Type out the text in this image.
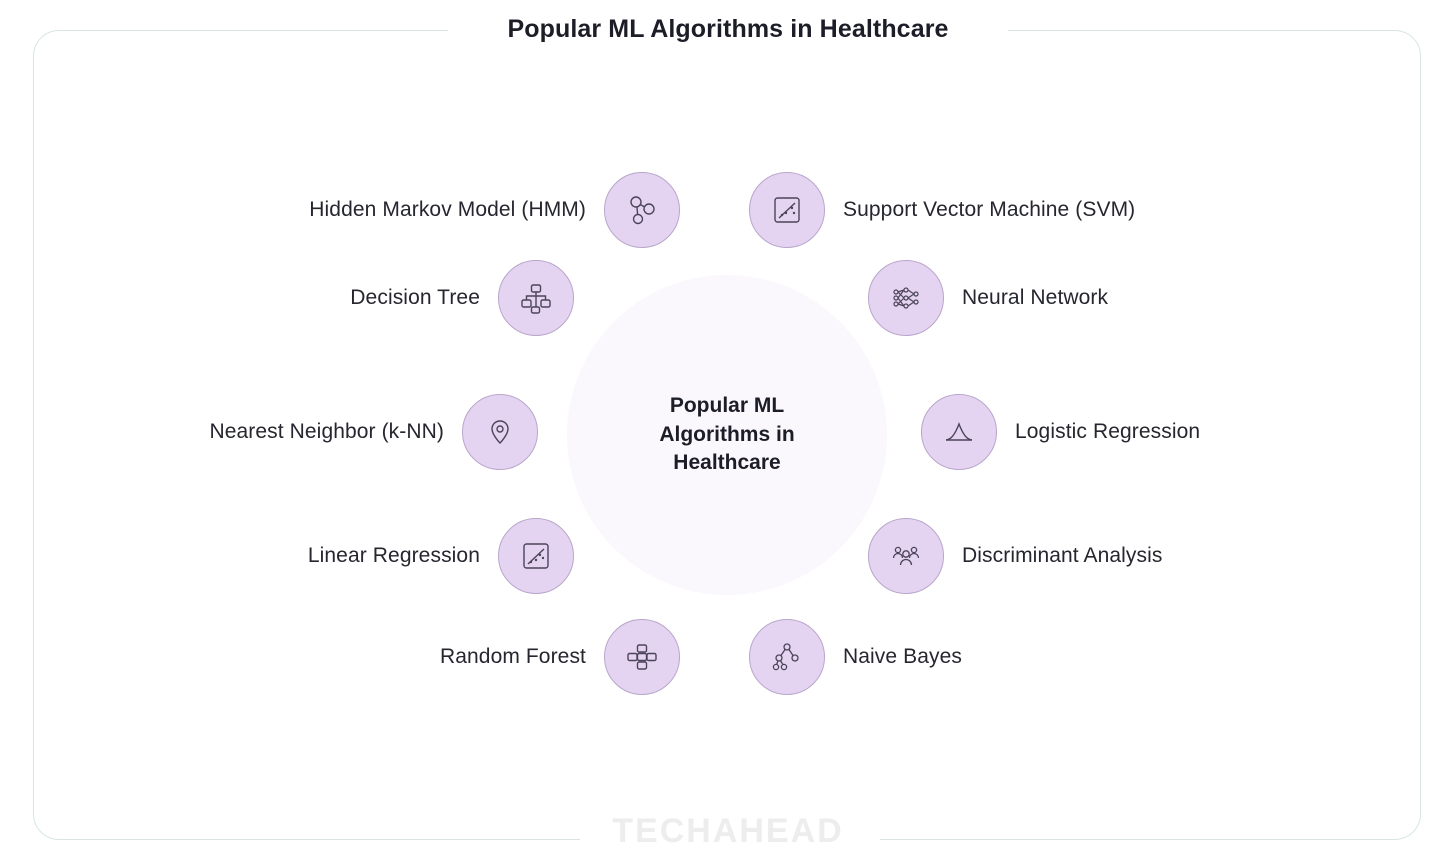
Popular ML Algorithms in Healthcare
Popular ML
Algorithms in
Healthcare
Hidden Markov Model (HMM)
Decision Tree
Nearest Neighbor (k-NN)
Linear Regression
Random Forest
Support Vector Machine (SVM)
Neural Network
Logistic Regression
Discriminant Analysis
Naive Bayes
TECHAHEAD
